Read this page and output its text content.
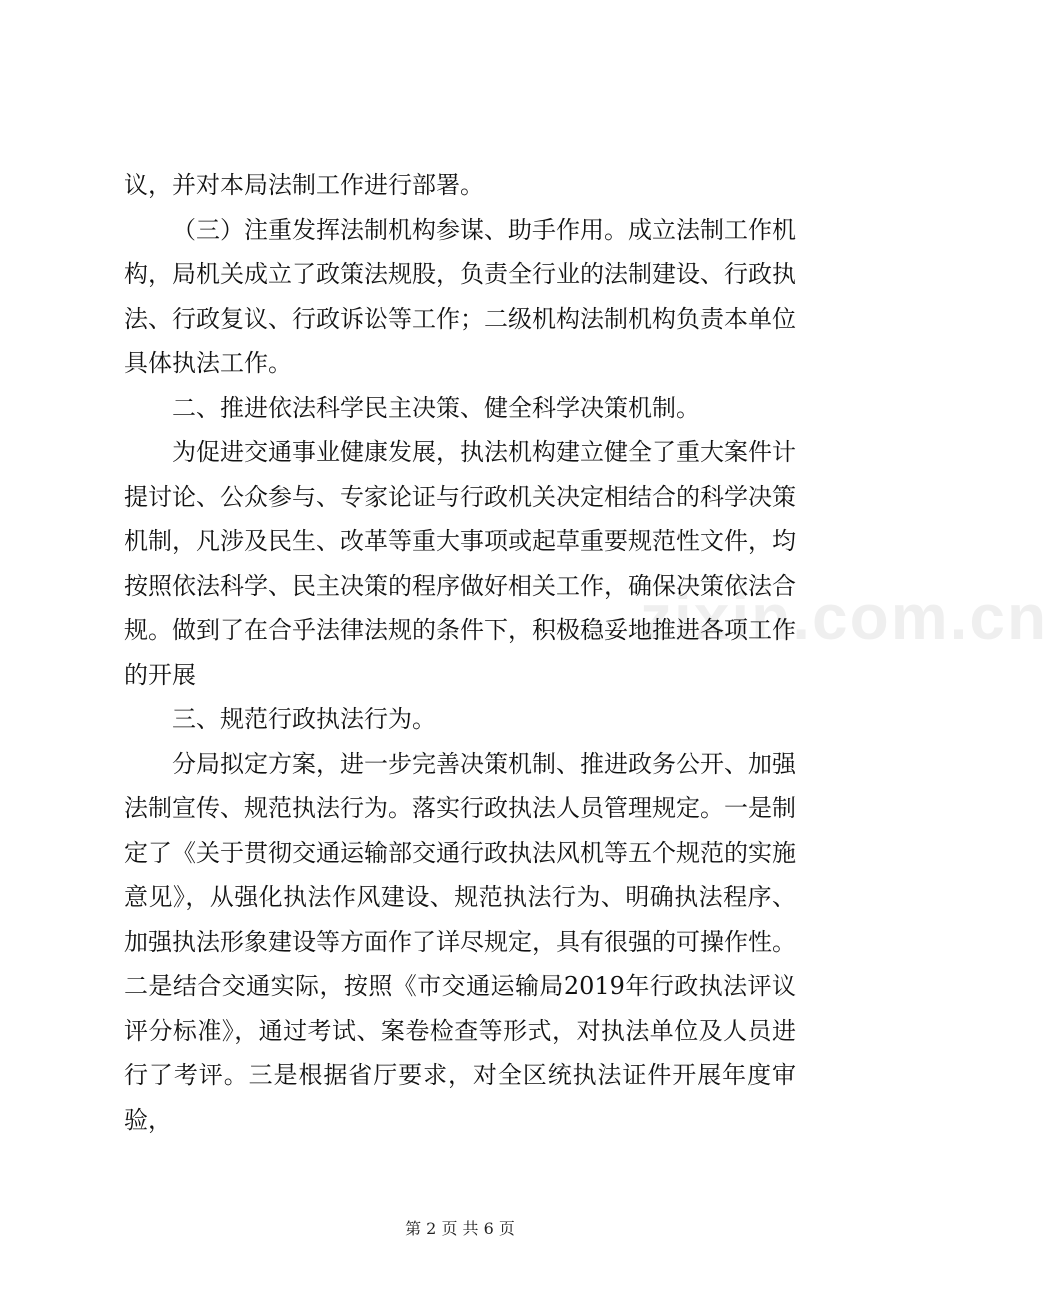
议，并对本局法制工作进行部署。

（三）注重发挥法制机构参谋、助手作用。成立法制工作机构，局机关成立了政策法规股，负责全行业的法制建设、行政执法、行政复议、行政诉讼等工作；二级机构法制机构负责本单位具体执法工作。

二、推进依法科学民主决策、健全科学决策机制。

为促进交通事业健康发展，执法机构建立健全了重大案件计提讨论、公众参与、专家论证与行政机关决定相结合的科学决策机制，凡涉及民生、改革等重大事项或起草重要规范性文件，均按照依法科学、民主决策的程序做好相关工作，确保决策依法合规。做到了在合乎法律法规的条件下，积极稳妥地推进各项工作的开展

三、规范行政执法行为。

分局拟定方案，进一步完善决策机制、推进政务公开、加强法制宣传、规范执法行为。落实行政执法人员管理规定。一是制定了《关于贯彻交通运输部交通行政执法风机等五个规范的实施意见》，从强化执法作风建设、规范执法行为、明确执法程序、加强执法形象建设等方面作了详尽规定，具有很强的可操作性。二是结合交通实际，按照《市交通运输局2019年行政执法评议评分标准》，通过考试、案卷检查等形式，对执法单位及人员进行了考评。三是根据省厅要求，对全区统执法证件开展年度审验，

zixin.com.cn
第 2 页 共 6 页
